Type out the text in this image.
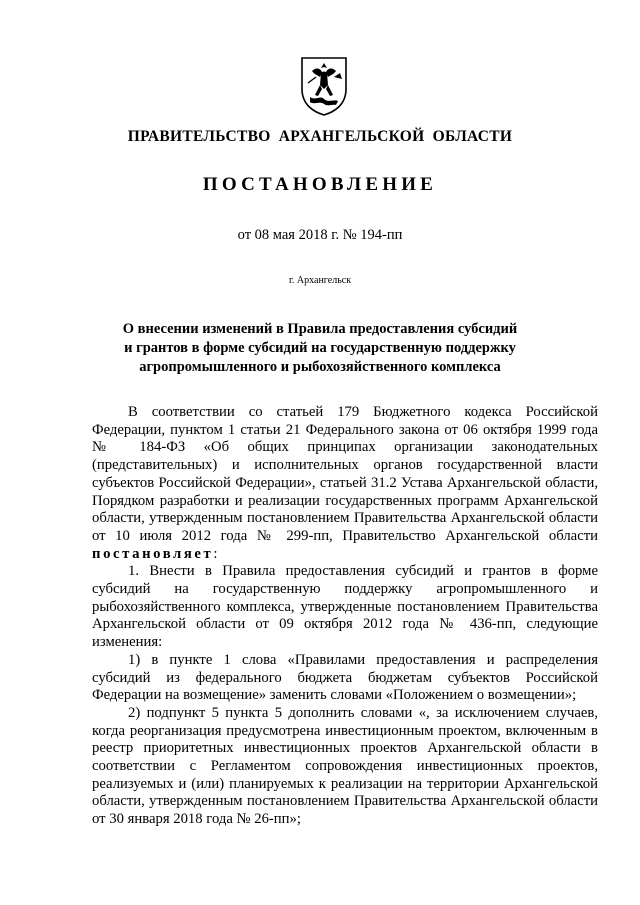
ПРАВИТЕЛЬСТВО АРХАНГЕЛЬСКОЙ ОБЛАСТИ
ПОСТАНОВЛЕНИЕ
от 08 мая 2018 г. № 194-пп
г. Архангельск
О внесении изменений в Правила предоставления субсидий
и грантов в форме субсидий на государственную поддержку
агропромышленного и рыбохозяйственного комплекса

В соответствии со статьей 179 Бюджетного кодекса Российской Федерации, пунктом 1 статьи 21 Федерального закона от 06 октября 1999 года № 184-ФЗ «Об общих принципах организации законодательных (представительных) и исполнительных органов государственной власти субъектов Российской Федерации», статьей 31.2 Устава Архангельской области, Порядком разработки и реализации государственных программ Архангельской области, утвержденным постановлением Правительства Архангельской области от 10 июля 2012 года № 299-пп, Правительство Архангельской области постановляет:

1. Внести в Правила предоставления субсидий и грантов в форме субсидий на государственную поддержку агропромышленного и рыбохозяйственного комплекса, утвержденные постановлением Правительства Архангельской области от 09 октября 2012 года № 436-пп, следующие изменения:

1) в пункте 1 слова «Правилами предоставления и распределения субсидий из федерального бюджета бюджетам субъектов Российской Федерации на возмещение» заменить словами «Положением о возмещении»;

2) подпункт 5 пункта 5 дополнить словами «, за исключением случаев, когда реорганизация предусмотрена инвестиционным проектом, включенным в реестр приоритетных инвестиционных проектов Архангельской области в соответствии с Регламентом сопровождения инвестиционных проектов, реализуемых и (или) планируемых к реализации на территории Архангельской области, утвержденным постановлением Правительства Архангельской области от 30 января 2018 года № 26-пп»;
